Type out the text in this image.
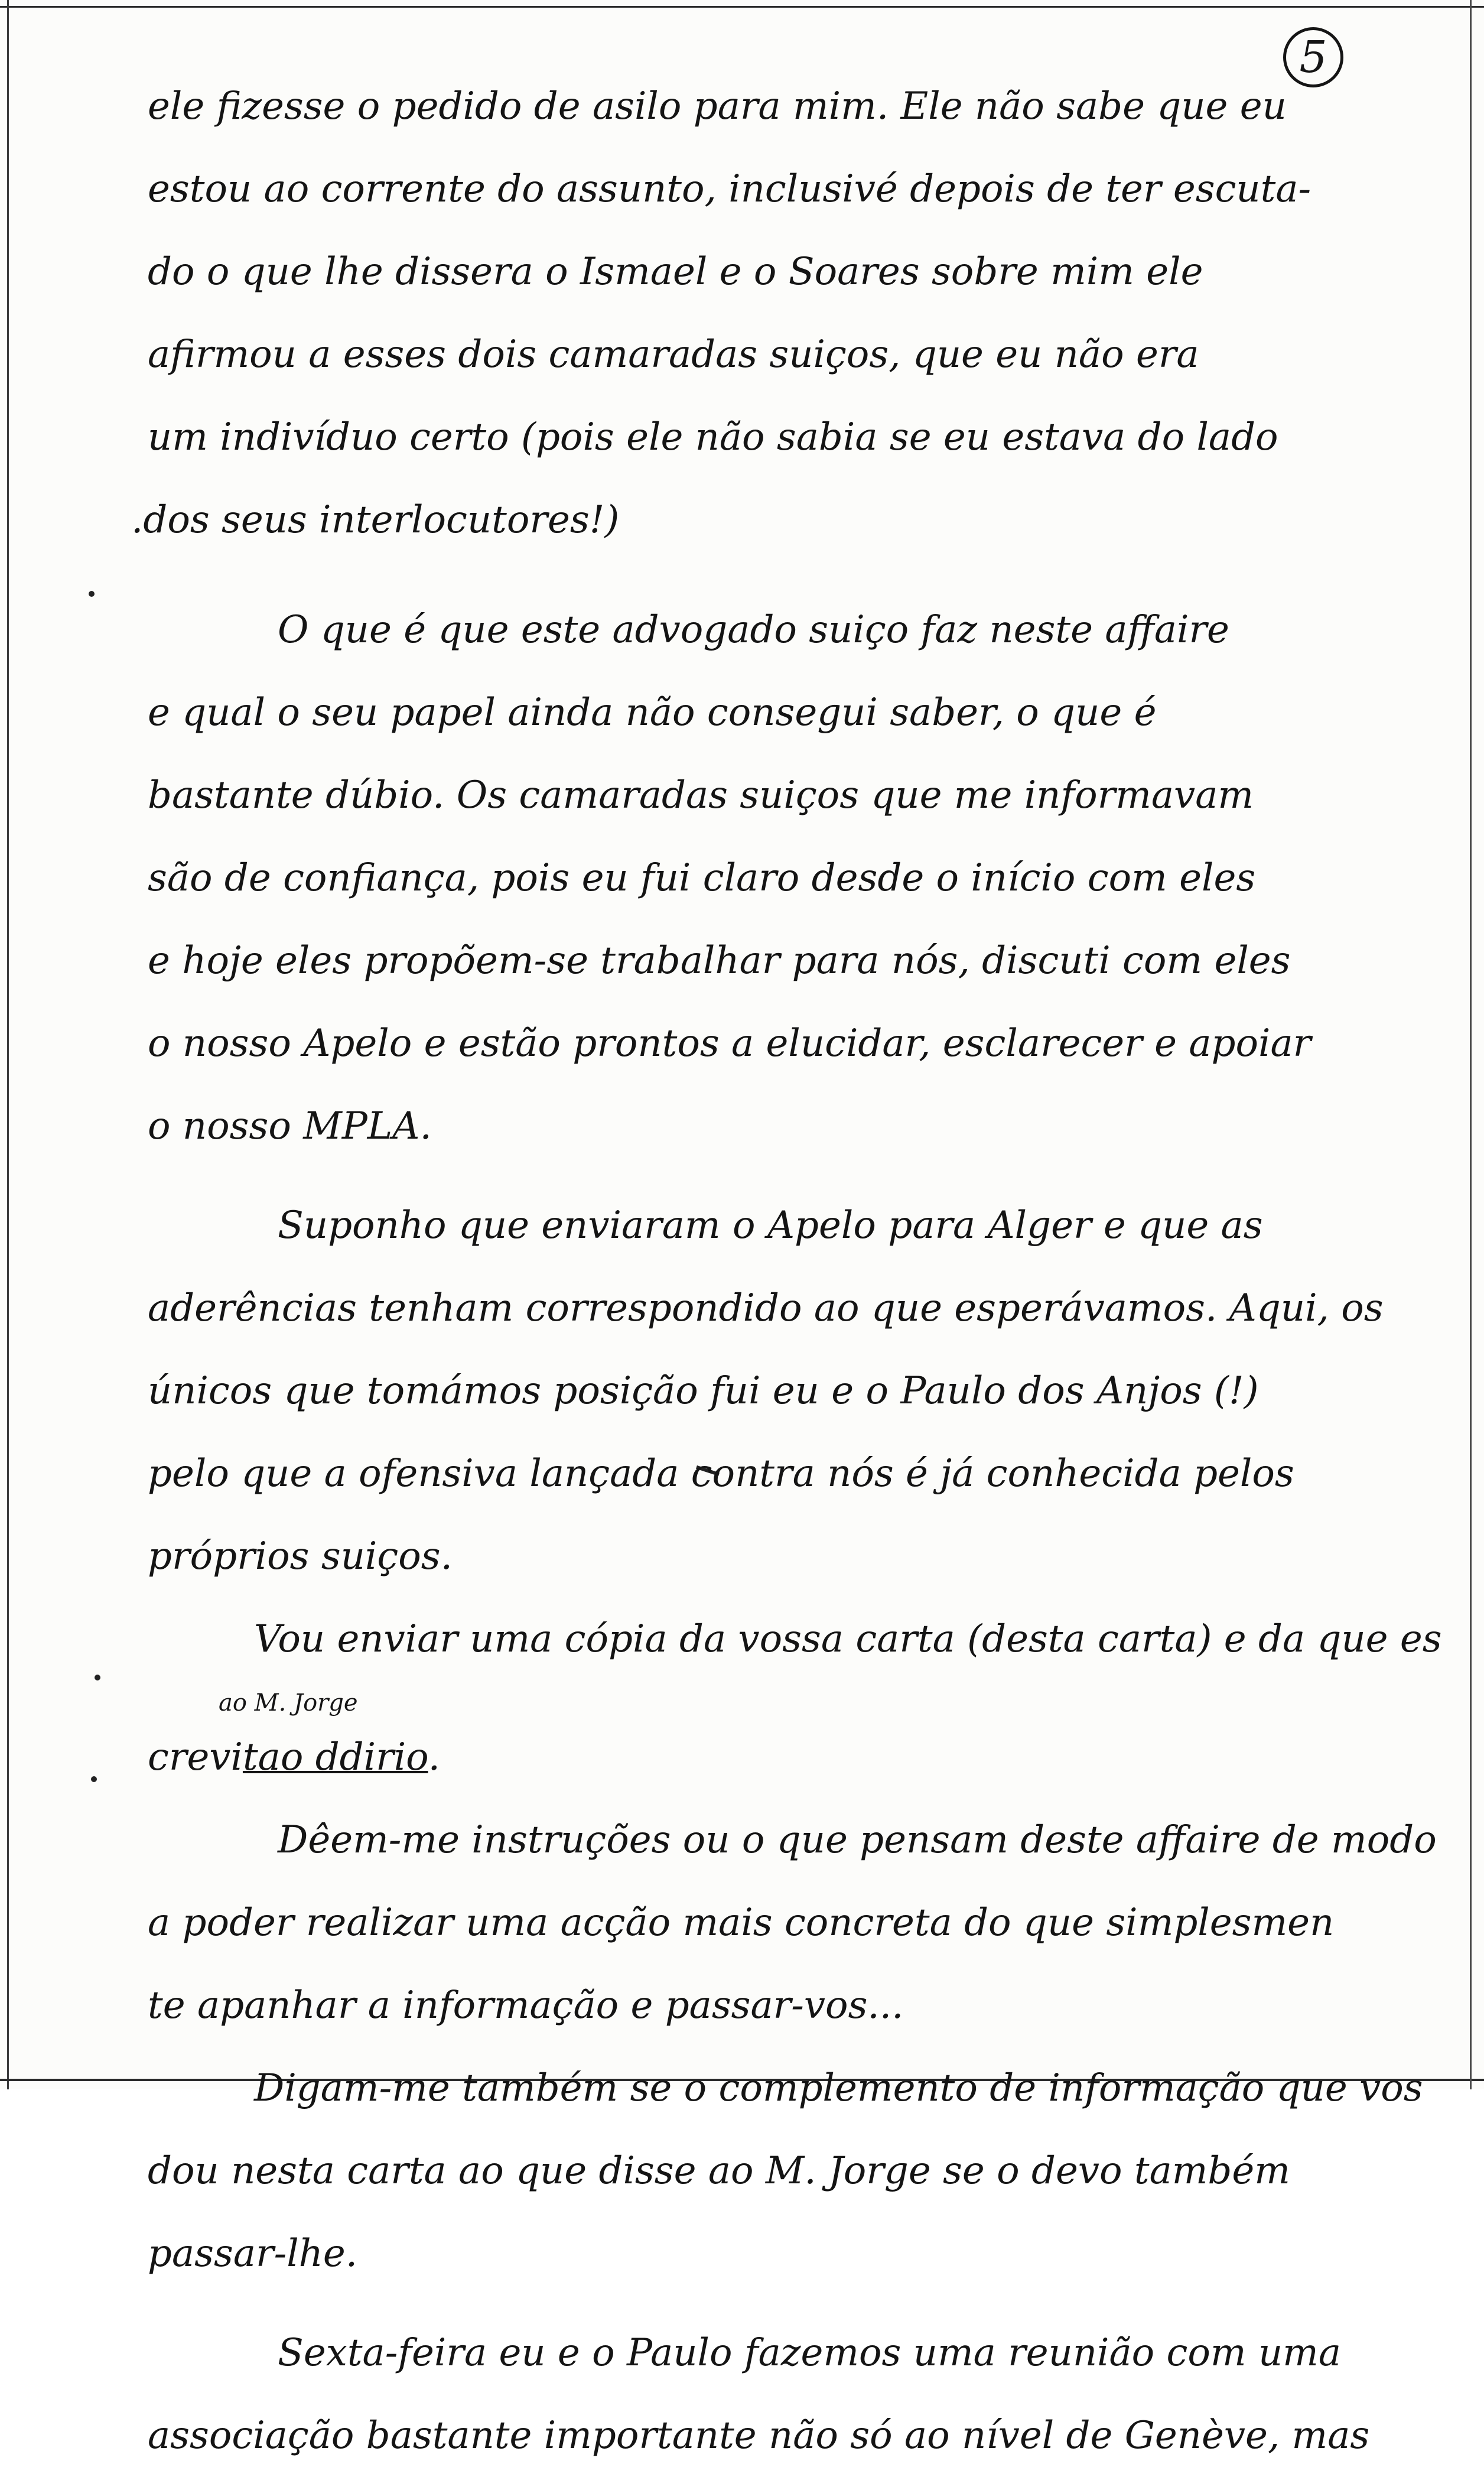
5
ele fizesse o pedido de asilo para mim. Ele não sabe que eu
estou ao corrente do assunto, inclusivé depois de ter escuta-
do o que lhe dissera o Ismael e o Soares sobre mim ele
afirmou a esses dois camaradas suiços, que eu não era
um indivíduo certo (pois ele não sabia se eu estava do lado
.dos seus interlocutores!)
O que é que este advogado suiço faz neste affaire
e qual o seu papel ainda não consegui saber, o que é
bastante dúbio. Os camaradas suiços que me informavam
são de confiança, pois eu fui claro desde o início com eles
e hoje eles propõem-se trabalhar para nós, discuti com eles
o nosso Apelo e estão prontos a elucidar, esclarecer e apoiar
o nosso MPLA.
Suponho que enviaram o Apelo para Alger e que as
aderências tenham correspondido ao que esperávamos. Aqui, os
únicos que tomámos posição fui eu e o Paulo dos Anjos (!)
pelo que a ofensiva lançada contra nós é já conhecida pelos
próprios suiços.
Vou enviar uma cópia da vossa carta (desta carta) e da que es
ao M. Jorge
crevitao ddirio.
Dêem-me instruções ou o que pensam deste affaire de modo
a poder realizar uma acção mais concreta do que simplesmen
te apanhar a informação e passar-vos...
Digam-me também se o complemento de informação que vos
dou nesta carta ao que disse ao M. Jorge se o devo também
passar-lhe.
Sexta-feira eu e o Paulo fazemos uma reunião com uma
associação bastante importante não só ao nível de Genève, mas
